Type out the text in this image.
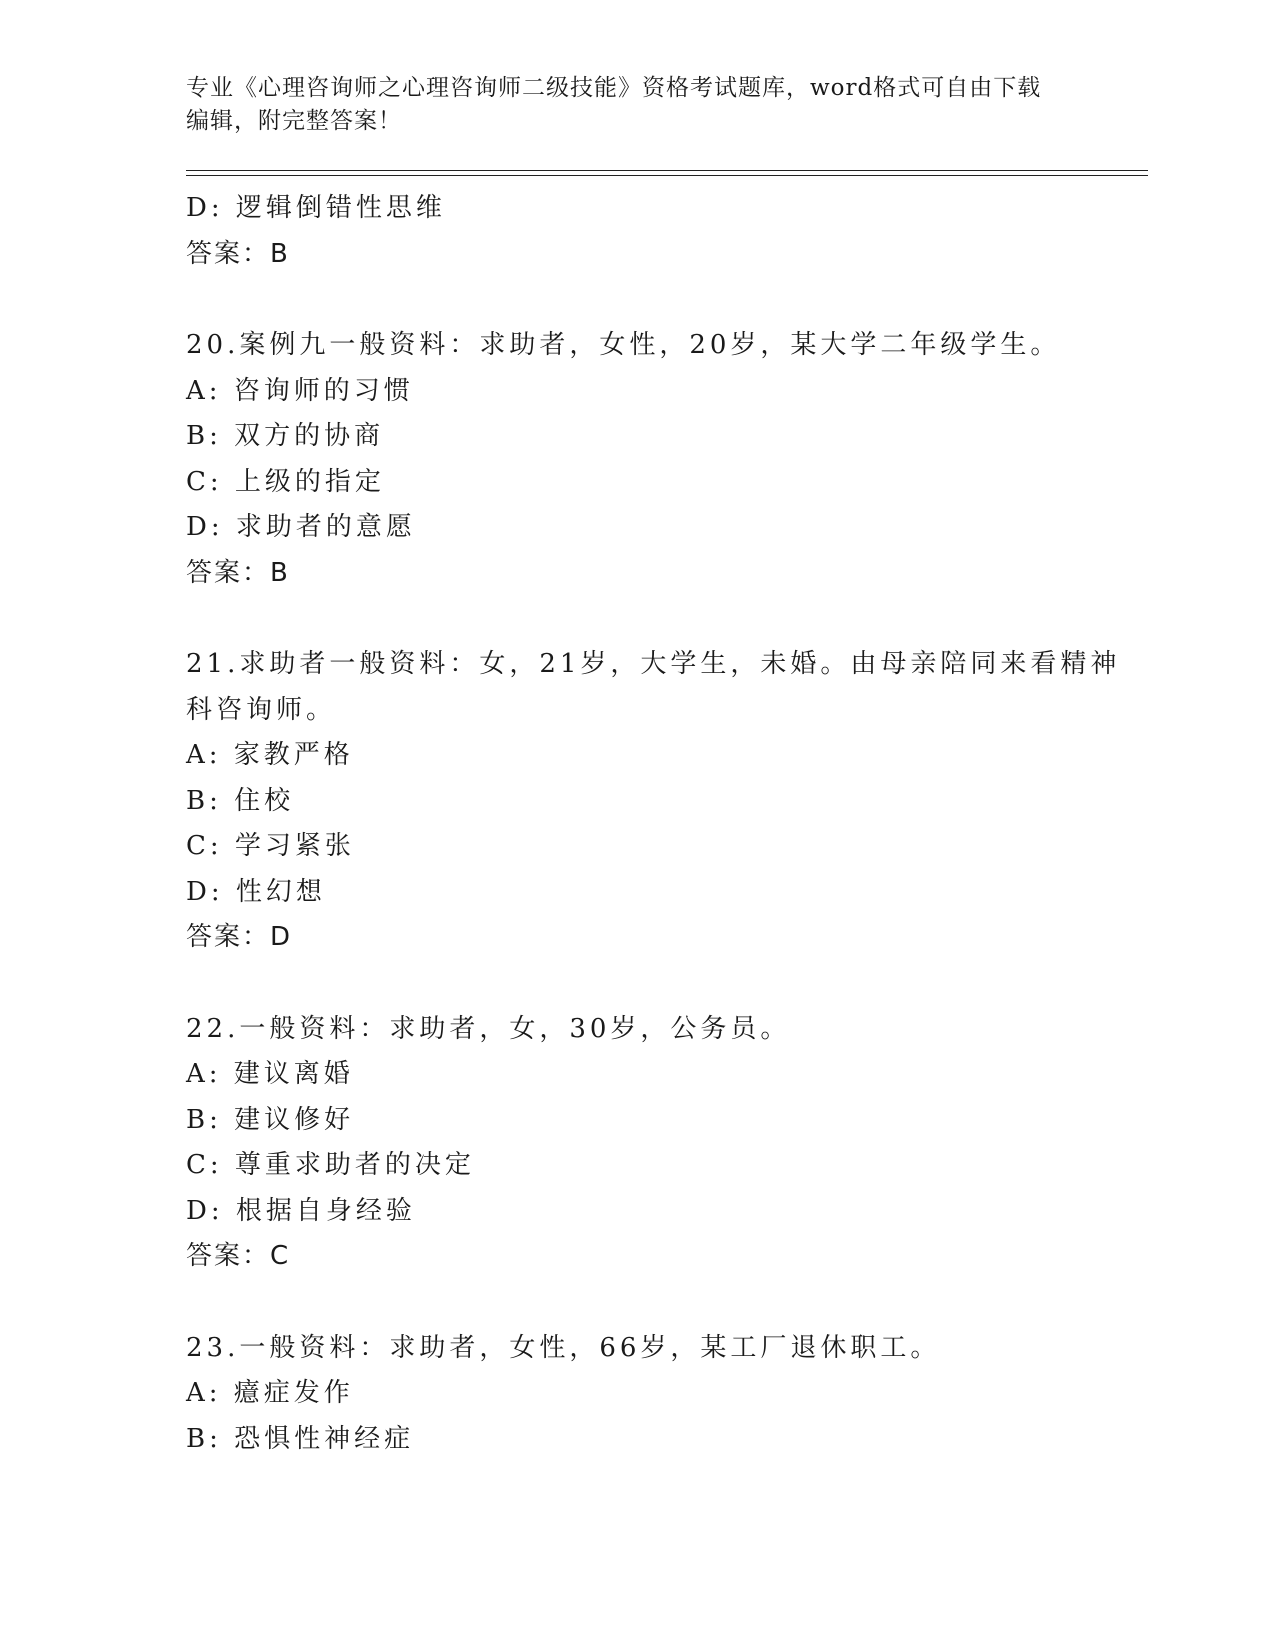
专业《心理咨询师之心理咨询师二级技能》资格考试题库，word格式可自由下载
编辑，附完整答案！
D: 逻辑倒错性思维
答案：B
20.案例九一般资料：求助者，女性，20岁，某大学二年级学生。
A: 咨询师的习惯
B: 双方的协商
C: 上级的指定
D: 求助者的意愿
答案：B
21.求助者一般资料：女，21岁，大学生，未婚。由母亲陪同来看精神
科咨询师。
A: 家教严格
B: 住校
C: 学习紧张
D: 性幻想
答案：D
22.一般资料：求助者，女，30岁，公务员。
A: 建议离婚
B: 建议修好
C: 尊重求助者的决定
D: 根据自身经验
答案：C
23.一般资料：求助者，女性，66岁，某工厂退休职工。
A: 癔症发作
B: 恐惧性神经症
